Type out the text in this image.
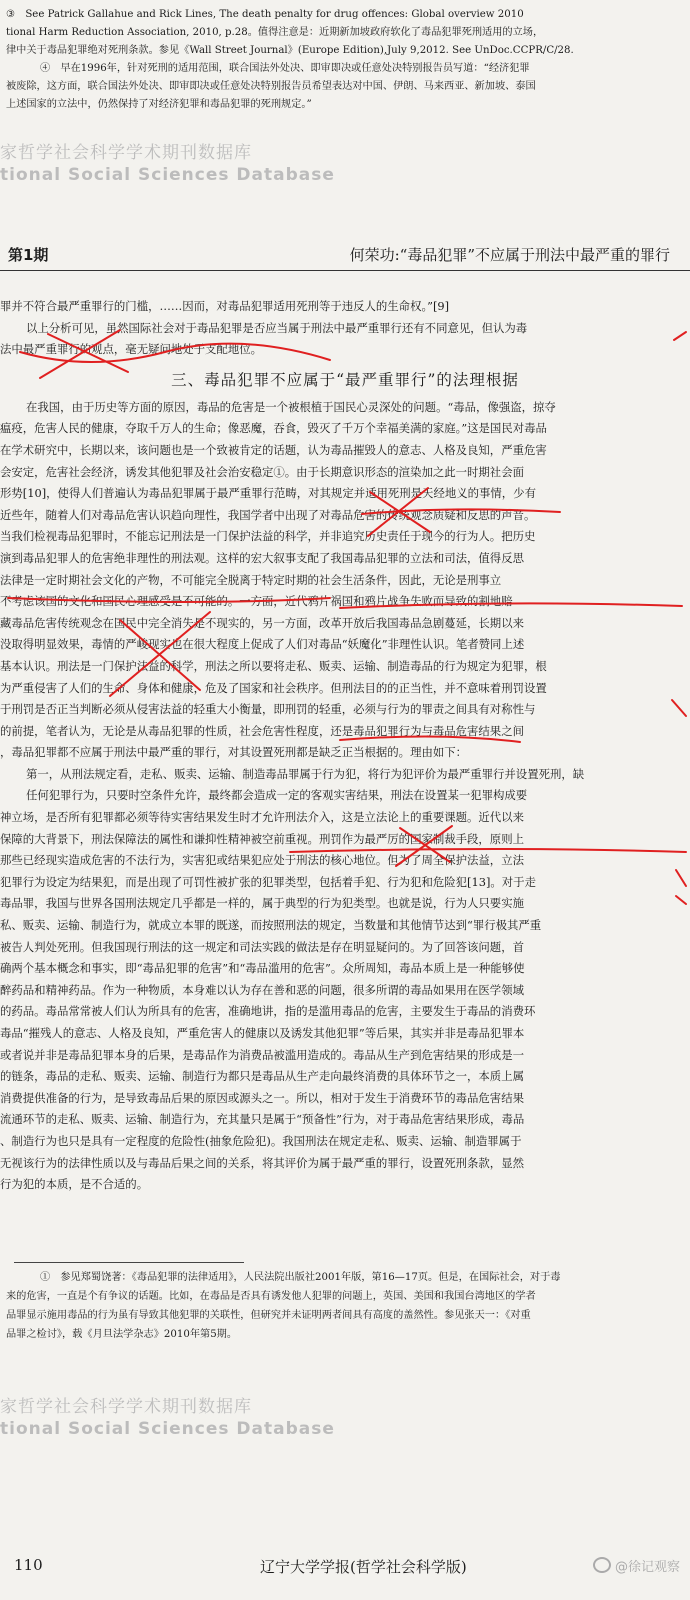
③　See Patrick Gallahue and Rick Lines, The death penalty for drug offences: Global overview 2010

tional Harm Reduction Association, 2010, p.28。值得注意是：近期新加坡政府软化了毒品犯罪死刑适用的立场，

律中关于毒品犯罪绝对死刑条款。参见《Wall Street Journal》(Europe Edition),July 9,2012. See UnDoc.CCPR/C/28.

④　早在1996年，针对死刑的适用范围，联合国法外处决、即审即决或任意处决特别报告员写道：“经济犯罪

被废除，这方面，联合国法外处决、即审即决或任意处决特别报告员希望表达对中国、伊朗、马来西亚、新加坡、泰国

上述国家的立法中，仍然保持了对经济犯罪和毒品犯罪的死刑规定。”

家哲学社会科学学术期刊数据库
tional Social Sciences Database
第1期	何荣功:“毒品犯罪”不应属于刑法中最严重的罪行

罪并不符合最严重罪行的门槛，……因而，对毒品犯罪适用死刑等于违反人的生命权。”[9]

以上分析可见，虽然国际社会对于毒品犯罪是否应当属于刑法中最严重罪行还有不同意见，但认为毒

法中最严重罪行的观点，毫无疑问地处于支配地位。

三、毒品犯罪不应属于“最严重罪行”的法理根据

在我国，由于历史等方面的原因，毒品的危害是一个被根植于国民心灵深处的问题。“毒品，像强盗，掠夺

瘟疫，危害人民的健康，夺取千万人的生命；像恶魔，吞食，毁灭了千万个幸福美满的家庭。”这是国民对毒品

在学术研究中，长期以来，该问题也是一个致被肯定的话题，认为毒品摧毁人的意志、人格及良知，严重危害

会安定，危害社会经济，诱发其他犯罪及社会治安稳定①。由于长期意识形态的渲染加之此一时期社会面

形势[10]，使得人们普遍认为毒品犯罪属于最严重罪行范畴，对其规定并适用死刑是天经地义的事情，少有

近些年，随着人们对毒品危害认识趋向理性，我国学者中出现了对毒品危害的传统观念质疑和反思的声音。

当我们检视毒品犯罪时，不能忘记刑法是一门保护法益的科学，并非追究历史责任于现今的行为人。把历史

演到毒品犯罪人的危害绝非理性的刑法观。这样的宏大叙事支配了我国毒品犯罪的立法和司法，值得反思

法律是一定时期社会文化的产物，不可能完全脱离于特定时期的社会生活条件，因此，无论是刑事立

不考虑该国的文化和国民心理感受是不可能的。一方面，近代鸦片祸国和鸦片战争失败而导致的割地赔

藏毒品危害传统观念在国民中完全消失是不现实的，另一方面，改革开放后我国毒品急剧蔓延，长期以来

没取得明显效果，毒情的严峻现实也在很大程度上促成了人们对毒品“妖魔化”非理性认识。笔者赞同上述

基本认识。刑法是一门保护法益的科学，刑法之所以要将走私、贩卖、运输、制造毒品的行为规定为犯罪，根

为严重侵害了人们的生命、身体和健康，危及了国家和社会秩序。但刑法目的的正当性，并不意味着刑罚设置

于刑罚是否正当判断必须从侵害法益的轻重大小衡量，即刑罚的轻重，必须与行为的罪责之间具有对称性与

的前提，笔者认为，无论是从毒品犯罪的性质，社会危害性程度，还是毒品犯罪行为与毒品危害结果之间

，毒品犯罪都不应属于刑法中最严重的罪行，对其设置死刑都是缺乏正当根据的。理由如下：

第一，从刑法规定看，走私、贩卖、运输、制造毒品罪属于行为犯，将行为犯评价为最严重罪行并设置死刑，缺

任何犯罪行为，只要时空条件允许，最终都会造成一定的客观实害结果，刑法在设置某一犯罪构成要

神立场，是否所有犯罪都必须等待实害结果发生时才允许刑法介入，这是立法论上的重要课题。近代以来

保障的大背景下，刑法保障法的属性和谦抑性精神被空前重视。刑罚作为最严厉的国家制裁手段，原则上

那些已经现实造成危害的不法行为，实害犯或结果犯应处于刑法的核心地位。但为了周全保护法益，立法

犯罪行为设定为结果犯，而是出现了可罚性被扩张的犯罪类型，包括着手犯、行为犯和危险犯[13]。对于走

毒品罪，我国与世界各国刑法规定几乎都是一样的，属于典型的行为犯类型。也就是说，行为人只要实施

私、贩卖、运输、制造行为，就成立本罪的既遂，而按照刑法的规定，当数量和其他情节达到“罪行极其严重

被告人判处死刑。但我国现行刑法的这一规定和司法实践的做法是存在明显疑问的。为了回答该问题，首

确两个基本概念和事实，即“毒品犯罪的危害”和“毒品滥用的危害”。众所周知，毒品本质上是一种能够使

醉药品和精神药品。作为一种物质，本身难以认为存在善和恶的问题，很多所谓的毒品如果用在医学领域

的药品。毒品常常被人们认为所具有的危害，准确地讲，指的是滥用毒品的危害，主要发生于毒品的消费环

毒品“摧残人的意志、人格及良知，严重危害人的健康以及诱发其他犯罪”等后果，其实并非是毒品犯罪本

或者说并非是毒品犯罪本身的后果，是毒品作为消费品被滥用造成的。毒品从生产到危害结果的形成是一

的链条，毒品的走私、贩卖、运输、制造行为都只是毒品从生产走向最终消费的具体环节之一，本质上属

消费提供准备的行为，是导致毒品后果的原因或源头之一。所以，相对于发生于消费环节的毒品危害结果

流通环节的走私、贩卖、运输、制造行为，充其量只是属于“预备性”行为，对于毒品危害结果形成，毒品

、制造行为也只是具有一定程度的危险性(抽象危险犯)。我国刑法在规定走私、贩卖、运输、制造罪属于

无视该行为的法律性质以及与毒品后果之间的关系，将其评价为属于最严重的罪行，设置死刑条款，显然

行为犯的本质，是不合适的。

①　参见郑蜀饶著：《毒品犯罪的法律适用》，人民法院出版社2001年版，第16—17页。但是，在国际社会，对于毒

来的危害，一直是个有争议的话题。比如，在毒品是否具有诱发他人犯罪的问题上，英国、美国和我国台湾地区的学者

品罪显示施用毒品的行为虽有导致其他犯罪的关联性，但研究并未证明两者间具有高度的盖然性。参见张天一：《对重

品罪之检讨》，载《月旦法学杂志》2010年第5期。

家哲学社会科学学术期刊数据库
tional Social Sciences Database
110	辽宁大学学报(哲学社会科学版)	@徐记观察
